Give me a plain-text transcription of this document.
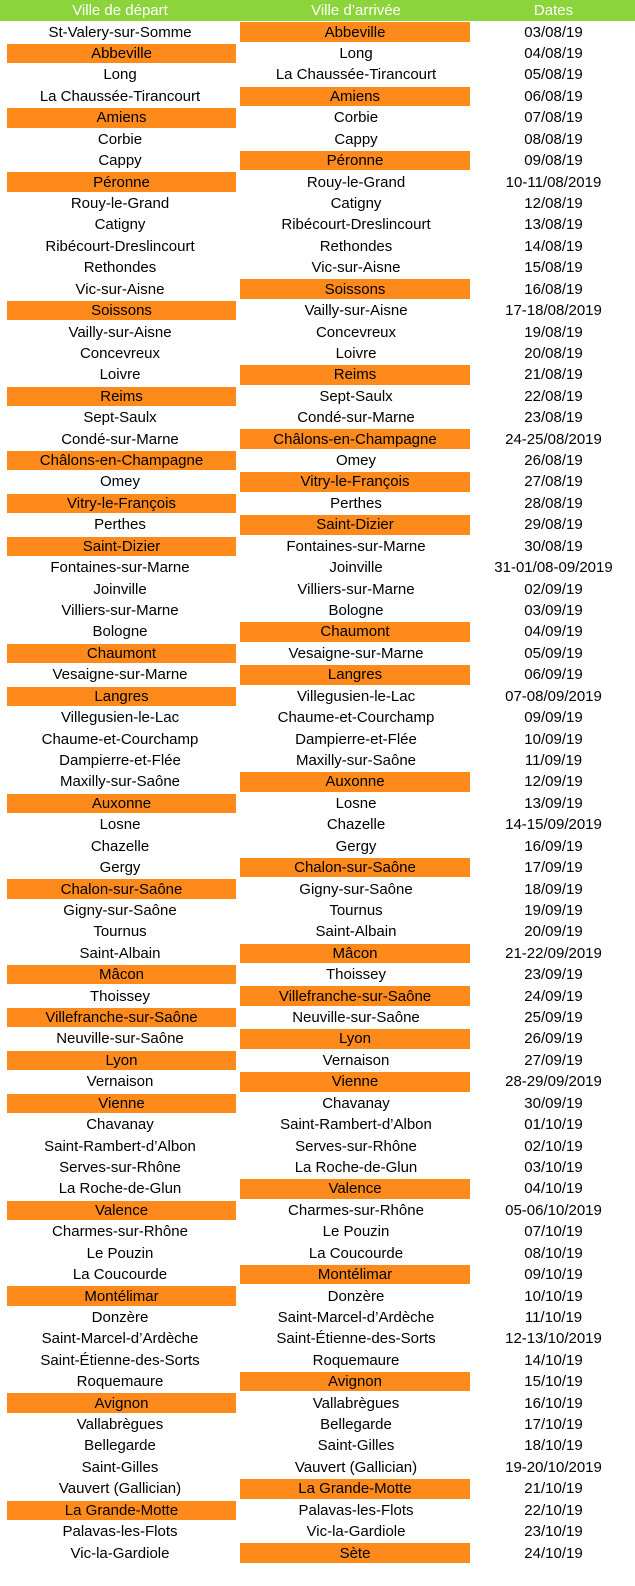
Ville de départ	Ville d’arrivée	Dates
St-Valery-sur-Somme	Abbeville	03/08/19
Abbeville	Long	04/08/19
Long	La Chaussée-Tirancourt	05/08/19
La Chaussée-Tirancourt	Amiens	06/08/19
Amiens	Corbie	07/08/19
Corbie	Cappy	08/08/19
Cappy	Péronne	09/08/19
Péronne	Rouy-le-Grand	10-11/08/2019
Rouy-le-Grand	Catigny	12/08/19
Catigny	Ribécourt-Dreslincourt	13/08/19
Ribécourt-Dreslincourt	Rethondes	14/08/19
Rethondes	Vic-sur-Aisne	15/08/19
Vic-sur-Aisne	Soissons	16/08/19
Soissons	Vailly-sur-Aisne	17-18/08/2019
Vailly-sur-Aisne	Concevreux	19/08/19
Concevreux	Loivre	20/08/19
Loivre	Reims	21/08/19
Reims	Sept-Saulx	22/08/19
Sept-Saulx	Condé-sur-Marne	23/08/19
Condé-sur-Marne	Châlons-en-Champagne	24-25/08/2019
Châlons-en-Champagne	Omey	26/08/19
Omey	Vitry-le-François	27/08/19
Vitry-le-François	Perthes	28/08/19
Perthes	Saint-Dizier	29/08/19
Saint-Dizier	Fontaines-sur-Marne	30/08/19
Fontaines-sur-Marne	Joinville	31-01/08-09/2019
Joinville	Villiers-sur-Marne	02/09/19
Villiers-sur-Marne	Bologne	03/09/19
Bologne	Chaumont	04/09/19
Chaumont	Vesaigne-sur-Marne	05/09/19
Vesaigne-sur-Marne	Langres	06/09/19
Langres	Villegusien-le-Lac	07-08/09/2019
Villegusien-le-Lac	Chaume-et-Courchamp	09/09/19
Chaume-et-Courchamp	Dampierre-et-Flée	10/09/19
Dampierre-et-Flée	Maxilly-sur-Saône	11/09/19
Maxilly-sur-Saône	Auxonne	12/09/19
Auxonne	Losne	13/09/19
Losne	Chazelle	14-15/09/2019
Chazelle	Gergy	16/09/19
Gergy	Chalon-sur-Saône	17/09/19
Chalon-sur-Saône	Gigny-sur-Saône	18/09/19
Gigny-sur-Saône	Tournus	19/09/19
Tournus	Saint-Albain	20/09/19
Saint-Albain	Mâcon	21-22/09/2019
Mâcon	Thoissey	23/09/19
Thoissey	Villefranche-sur-Saône	24/09/19
Villefranche-sur-Saône	Neuville-sur-Saône	25/09/19
Neuville-sur-Saône	Lyon	26/09/19
Lyon	Vernaison	27/09/19
Vernaison	Vienne	28-29/09/2019
Vienne	Chavanay	30/09/19
Chavanay	Saint-Rambert-d’Albon	01/10/19
Saint-Rambert-d’Albon	Serves-sur-Rhône	02/10/19
Serves-sur-Rhône	La Roche-de-Glun	03/10/19
La Roche-de-Glun	Valence	04/10/19
Valence	Charmes-sur-Rhône	05-06/10/2019
Charmes-sur-Rhône	Le Pouzin	07/10/19
Le Pouzin	La Coucourde	08/10/19
La Coucourde	Montélimar	09/10/19
Montélimar	Donzère	10/10/19
Donzère	Saint-Marcel-d’Ardèche	11/10/19
Saint-Marcel-d’Ardèche	Saint-Étienne-des-Sorts	12-13/10/2019
Saint-Étienne-des-Sorts	Roquemaure	14/10/19
Roquemaure	Avignon	15/10/19
Avignon	Vallabrègues	16/10/19
Vallabrègues	Bellegarde	17/10/19
Bellegarde	Saint-Gilles	18/10/19
Saint-Gilles	Vauvert (Gallician)	19-20/10/2019
Vauvert (Gallician)	La Grande-Motte	21/10/19
La Grande-Motte	Palavas-les-Flots	22/10/19
Palavas-les-Flots	Vic-la-Gardiole	23/10/19
Vic-la-Gardiole	Sète	24/10/19
